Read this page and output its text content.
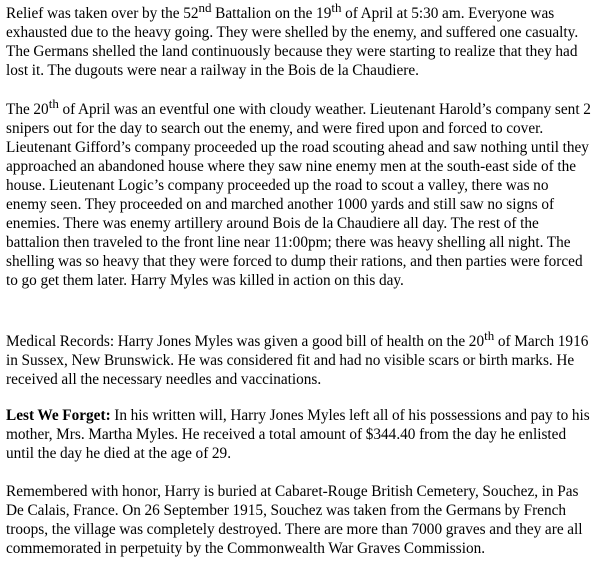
Relief was taken over by the 52nd Battalion on the 19th of April at 5:30 am. Everyone was exhausted due to the heavy going. They were shelled by the enemy, and suffered one casualty. The Germans shelled the land continuously because they were starting to realize that they had lost it. The dugouts were near a railway in the Bois de la Chaudiere.

The 20th of April was an eventful one with cloudy weather. Lieutenant Harold’s company sent 2 snipers out for the day to search out the enemy, and were fired upon and forced to cover. Lieutenant Gifford’s company proceeded up the road scouting ahead and saw nothing until they approached an abandoned house where they saw nine enemy men at the south-east side of the house. Lieutenant Logic’s company proceeded up the road to scout a valley, there was no enemy seen. They proceeded on and marched another 1000 yards and still saw no signs of enemies. There was enemy artillery around Bois de la Chaudiere all day. The rest of the battalion then traveled to the front line near 11:00pm; there was heavy shelling all night. The shelling was so heavy that they were forced to dump their rations, and then parties were forced to go get them later. Harry Myles was killed in action on this day.

Medical Records: Harry Jones Myles was given a good bill of health on the 20th of March 1916 in Sussex, New Brunswick. He was considered fit and had no visible scars or birth marks. He received all the necessary needles and vaccinations.

Lest We Forget: In his written will, Harry Jones Myles left all of his possessions and pay to his mother, Mrs. Martha Myles. He received a total amount of $344.40 from the day he enlisted until the day he died at the age of 29.

Remembered with honor, Harry is buried at Cabaret-Rouge British Cemetery, Souchez, in Pas De Calais, France. On 26 September 1915, Souchez was taken from the Germans by French troops, the village was completely destroyed. There are more than 7000 graves and they are all commemorated in perpetuity by the Commonwealth War Graves Commission.
